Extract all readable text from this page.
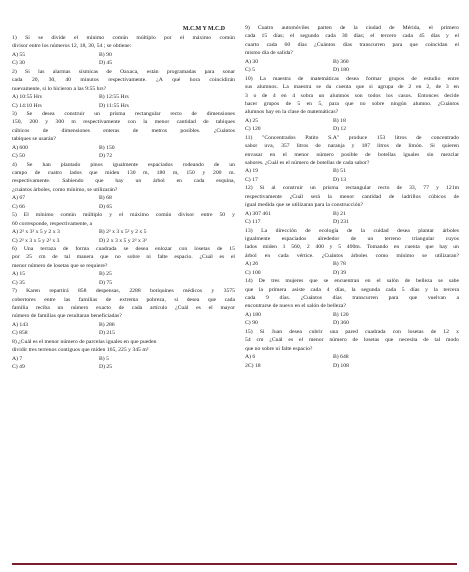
M.C.M Y M.C.D
1) Sí se divide el mínimo común múltiplo por el máximo común
divisor entre los números 12, 18, 30, 54 ; se obtiene:
A) 55	B) 90
C) 30	D) 45
2) Si las alarmas sísmicas de Oaxaca, están programadas para sonar
cada 20, 30, 40 minutos respectivamente. ¿A qué hora coincidirán
nuevamente, si lo hicieron a las 9:55 hrs?
A) 10:55 Hrs	B) 12:55 Hrs
C) 14:10 Hrs	D) 11:55 Hrs
3) Se desea construir un prisma rectangular recto de dimensiones
150, 200 y 300 m respectivamente con la menor cantidad de tabiques
cúbicos de dimensiones enteras de metros posibles. ¿Cuántos
tabiques se usarán?
A) 600	B) 150
C) 50	D) 72
4) Se han plantado pinos igualmente espaciados rodeando de un
campo de cuatro lados que miden 130 m, 180 m, 150 y 200 m.
respectivamente. Sabiendo que hay un árbol en cada esquina,
¿cuántos árboles, como mínimo, se utilizarán?
A) 67	B) 68
C) 66	D) 65
5) El mínimo común múltiplo y el máximo común divisor entre 50 y
60 corresponde, respectivamente, a
A) 2² x 3² x 5 y 2 x 3	B) 2² x 3 x 5² y 2 x 5
C) 2² x 3 x 5 y 2² x 3	D) 2 x 3 x 5 y 2² x 3²
6) Una terraza de forma cuadrada se desea enlozar con losetas de 15
por 25 cm de tal manera que no sobre ni falte espacio. ¿Cuál es el
menor número de losetas que se requiere?
A) 15	B) 25
C) 35	D) 75
7) Karen repartirá 858 despensas, 2288 botiquines médicos y 3575
cobertores entre las familias de extrema pobreza, si desea que cada
familia reciba un número exacto de cada artículo ¿Cuál es el mayor
número de familias que resultaran beneficiadas?
A) 143	B) 286
C) 858	D) 215
8) ¿Cuál es el menor número de parcelas iguales en que pueden
dividir tres terrenos contiguos que miden 165, 225 y 345 m²
A) 7	B) 5
C) 49	D) 25
9) Cuatro automóviles parten de la ciudad de Mérida, el primero
cada 15 días; el segundo cada 30 días; el tercero cada 45 días y el
cuarto cada 60 días ¿Cuántos días transcurren para que coincidan el
mismo día de salida?
A) 30	B) 360
C) 5	D) 180
10) La maestra de matemáticas desea formar grupos de estudio entre
sus alumnos. La maestra se da cuenta que si agrupa de 2 en 2, de 3 en
3 o de 4 en 4 sobra un alumnos son todos los casos. Entonces decide
hacer grupos de 5 en 5, para que no sobre ningún alumno. ¿Cuántos
alumnos hay en la clase de matemáticas?
A) 25	B) 18
C) 120	D) 12
11) "Concentrados Patito S.A" produce 153 litros de concentrado
sabor uva, 357 litros de naranja y 187 litros de limón. Si quieren
envasar en el menor número posible de botellas iguales sin mezclar
sabores. ¿Cuál es el número de botellas de cada sabor?
A) 19	B) 51
C) 17	D) 13
12) Si al construir un prisma rectangular recto de 33, 77 y 121m
respectivamente ¿Cuál será la menor cantidad de ladrillos cúbicos de
igual medida que se utilizaran para la construcción?
A) 307 461	B) 21
C) 117	D) 231
13) La dirección de ecología de la cuidad desea plantar árboles
igualmente espaciados alrededor de un terreno triangular cuyos
lados miden 1 560, 2 400 y 5 400m. Tomando en cuenta que hay un
árbol en cada vértice. ¿Cuántos árboles como mínimo se utilizaran?
A) 26	B) 78
C) 100	D) 39
14) De tres mujeres que se encuentran en el salón de belleza se sabe
que la primera asiste cada 4 días, la segunda cada 5 días y la tercera
cada 9 días. ¿Cuántos días transcurren para que vuelvan a
encontrarse de nuevo en el salón de belleza?
A) 180	B) 120
C) 90	D) 360
15) Si Juan desea cubrir una pared cuadrada con losetas de 12 x
54 cm ¿Cuál es el menor número de losetas que necesita de tal modo
que no sobre ni falte espacio?
A) 6	B) 648
2C) 18	D) 108
